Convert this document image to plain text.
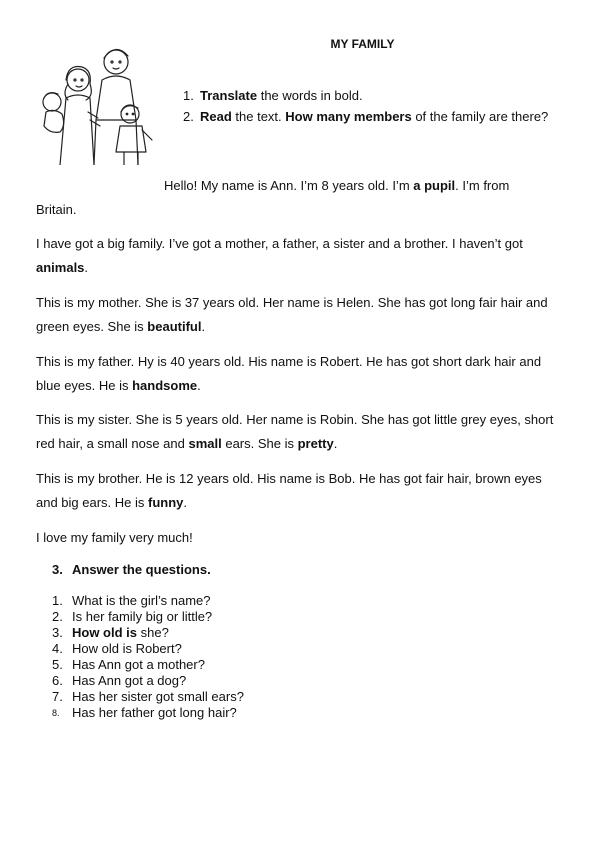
MY FAMILY
1. Translate the words in bold.
2. Read the text. How many members of the family are there?
Hello! My name is Ann. I’m 8 years old. I’m a pupil. I’m from
Britain.
I have got a big family. I’ve got a mother, a father, a sister and a brother. I haven’t got animals.
This is my mother. She is 37 years old. Her name is Helen. She has got long fair hair and green eyes. She is beautiful.
This is my father. Hy is 40 years old. His name is Robert. He has got short dark hair and blue eyes. He is handsome.
This is my sister. She is 5 years old. Her name is Robin. She has got little grey eyes, short red hair, a small nose and small ears. She is pretty.
This is my brother. He is 12 years old. His name is Bob. He has got fair hair, brown eyes and big ears. He is funny.
I love my family very much!
3. Answer the questions.
1. What is the girl’s name?
2. Is her family big or little?
3. How old is she?
4. How old is Robert?
5. Has Ann got a mother?
6. Has Ann got a dog?
7. Has her sister got small ears?
8. Has her father got long hair?
